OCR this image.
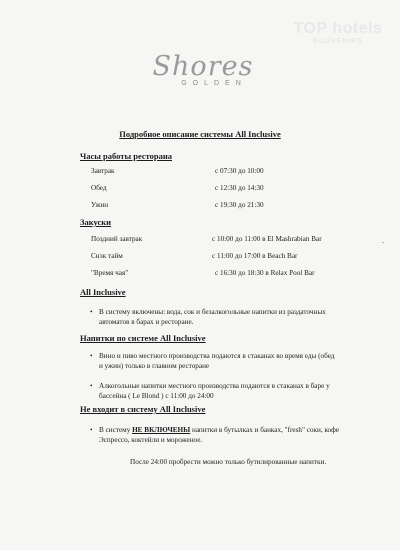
TOP hotels
SOUVENIRS
Shores
GOLDEN
Подробное описание системы All Inclusive
Часы работы ресторана
Завтрак	с 07:30 до 10:00
Обед	с 12:30 до 14:30
Ужин	с 19:30 до 21:30
Закуски
Поздний завтрак	с 10:00 до 11:00 в El Mashrabian Bar	-
Снэк тайм	с 11:00 до 17:00 в Beach Bar
"Время чая"	с 16:30 до 18:30 в Relax Pool Bar
All Inclusive
• В систему включены: вода, сок и безалкогольные напитки из раздаточных автоматов в барах и ресторане.
Напитки по системе All Inclusive
• Вино и пиво местного производства подаются в стаканах во время еды (обед и ужин) только в главном ресторане
• Алкогольные напитки местного производства подаются в стаканах в баре у бассейна ( Le Blond ) с 11:00 до 24:00
Не входит в систему All Inclusive
• В систему НЕ ВКЛЮЧЕНЫ напитки в бутылках и банках, "fresh" соки, кофе Эспрессо, коктейли и мороженое.
После 24:00 пробрести можно только бутилированные напитки.
